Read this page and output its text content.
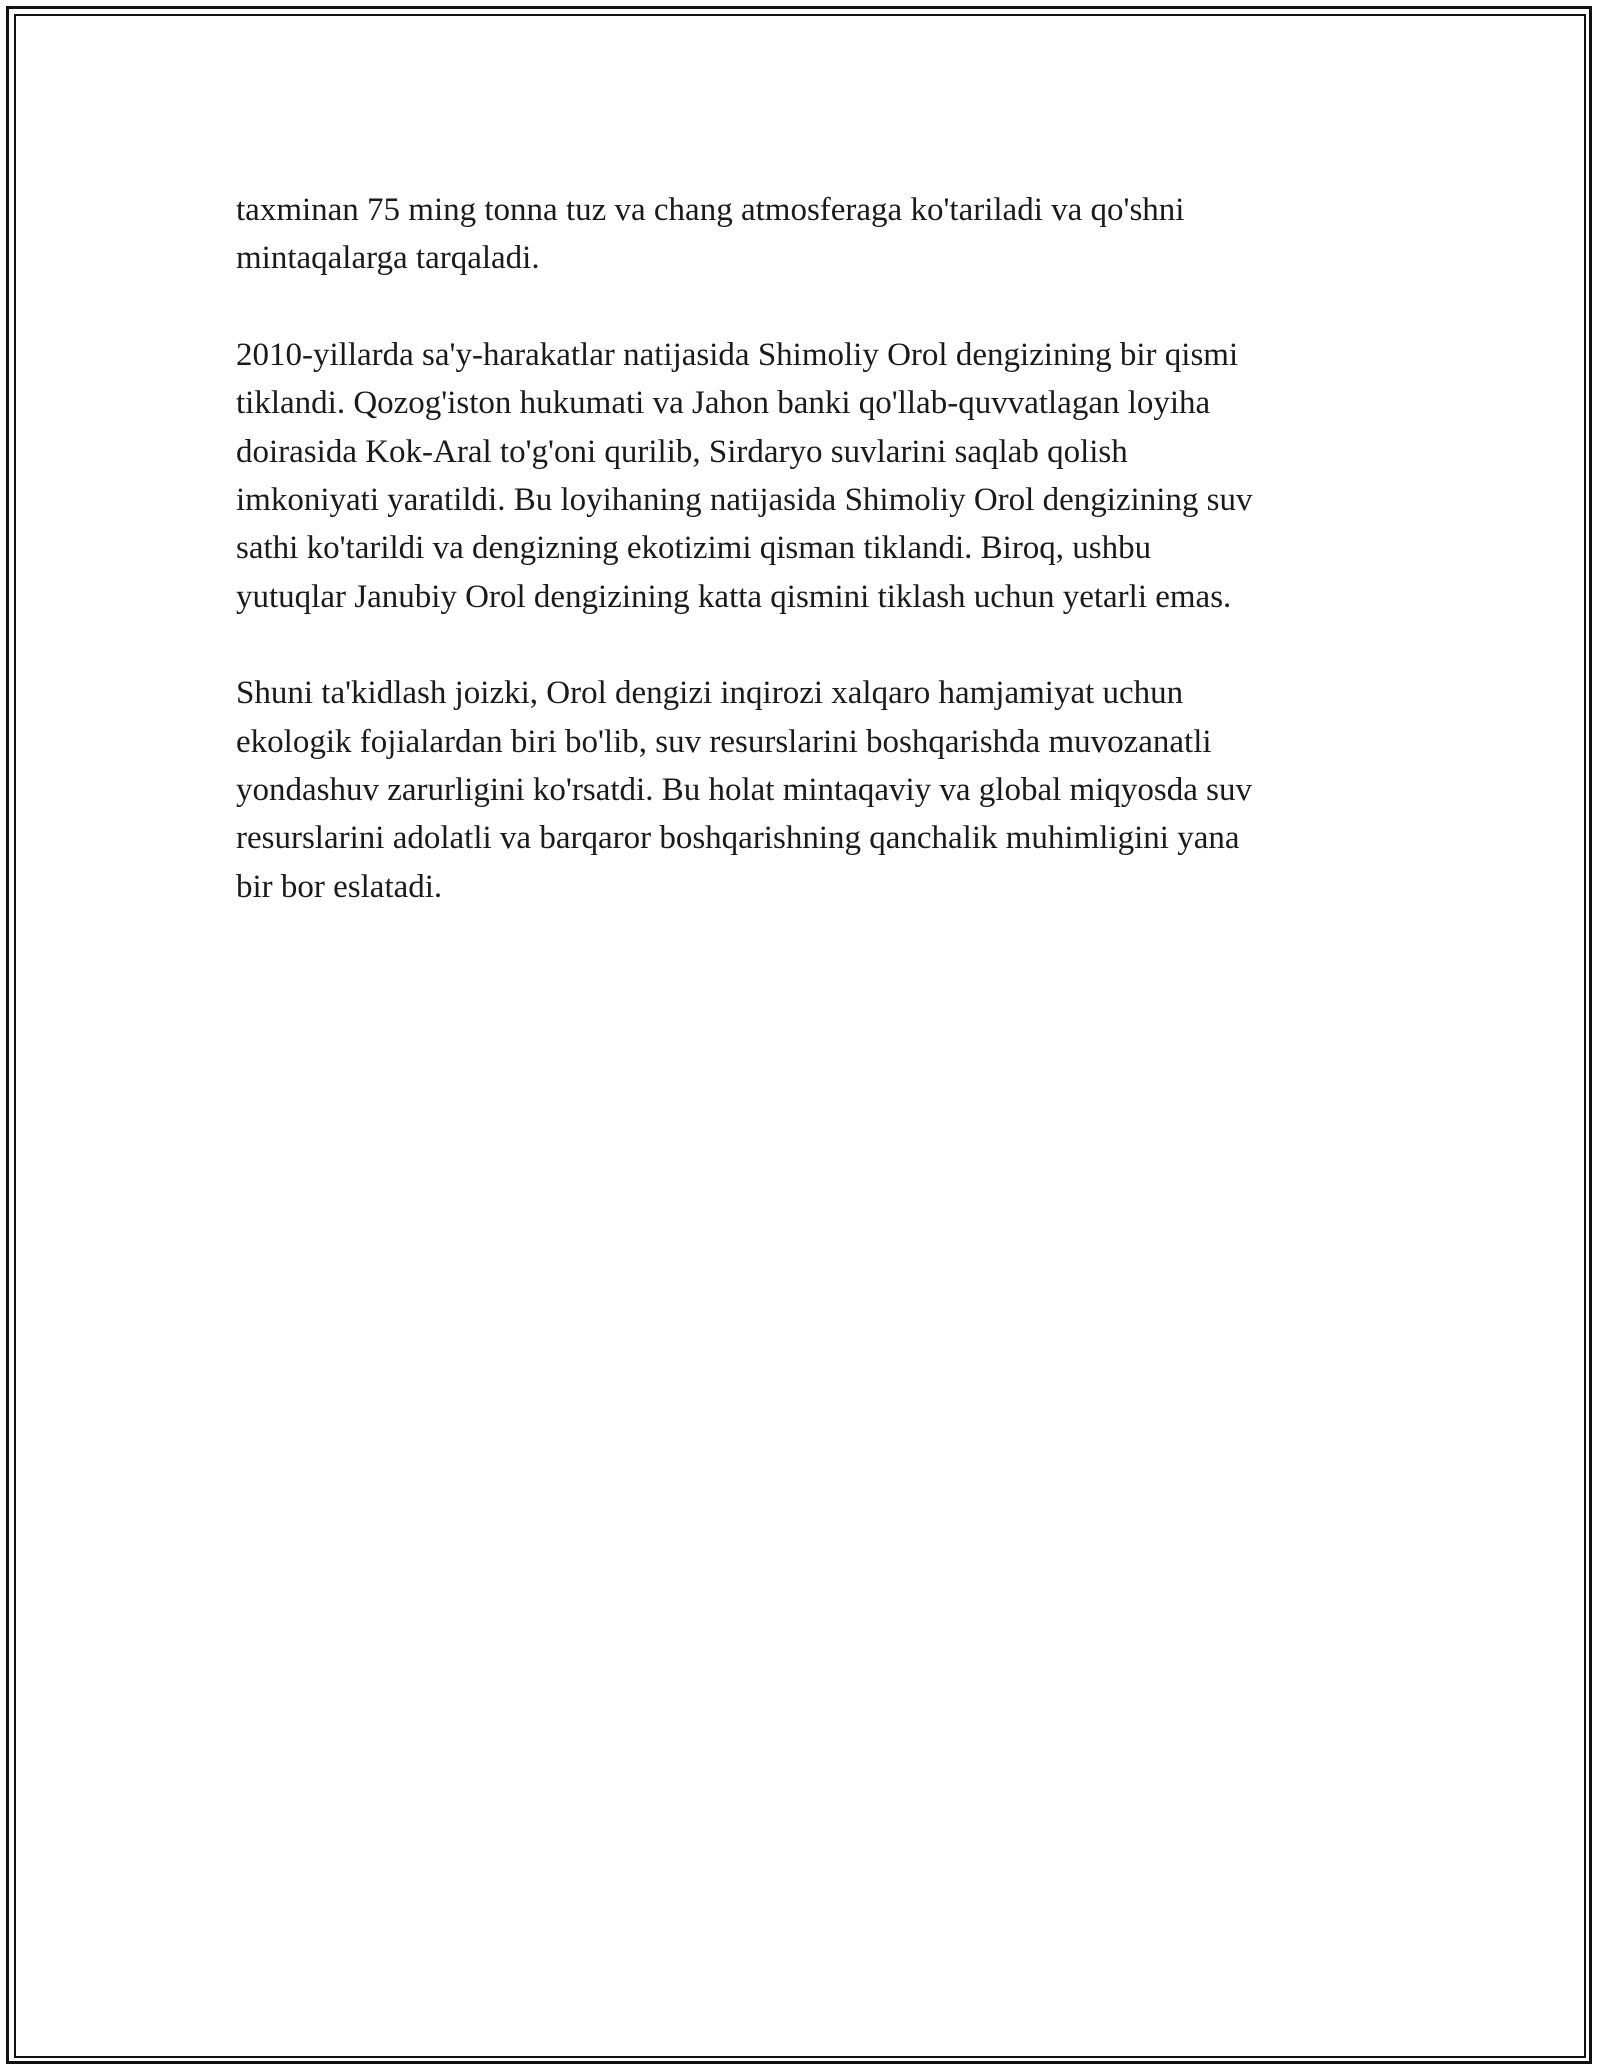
taxminan 75 ming tonna tuz va chang atmosferaga ko'tariladi va qo'shni
mintaqalarga tarqaladi.

2010-yillarda sa'y-harakatlar natijasida Shimoliy Orol dengizining bir qismi
tiklandi. Qozog'iston hukumati va Jahon banki qo'llab-quvvatlagan loyiha
doirasida Kok-Aral to'g'oni qurilib, Sirdaryo suvlarini saqlab qolish
imkoniyati yaratildi. Bu loyihaning natijasida Shimoliy Orol dengizining suv
sathi ko'tarildi va dengizning ekotizimi qisman tiklandi. Biroq, ushbu
yutuqlar Janubiy Orol dengizining katta qismini tiklash uchun yetarli emas.

Shuni ta'kidlash joizki, Orol dengizi inqirozi xalqaro hamjamiyat uchun
ekologik fojialardan biri bo'lib, suv resurslarini boshqarishda muvozanatli
yondashuv zarurligini ko'rsatdi. Bu holat mintaqaviy va global miqyosda suv
resurslarini adolatli va barqaror boshqarishning qanchalik muhimligini yana
bir bor eslatadi.
